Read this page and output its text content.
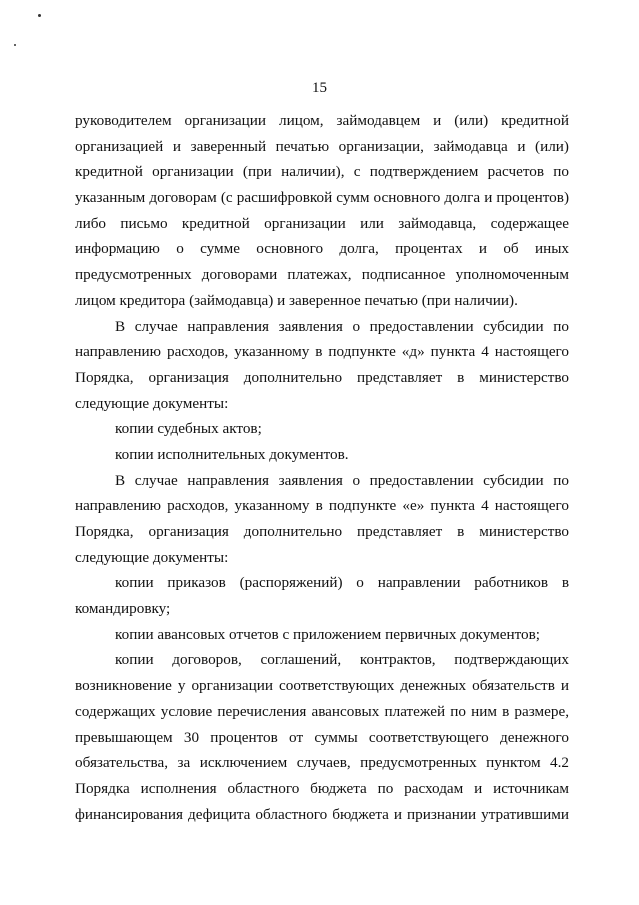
15
руководителем организации лицом, займодавцем и (или) кредитной
организацией и заверенный печатью организации, займодавца и (или)
кредитной организации (при наличии), с подтверждением расчетов по
указанным договорам (с расшифровкой сумм основного долга и процентов)
либо письмо кредитной организации или займодавца, содержащее
информацию о сумме основного долга, процентах и об иных
предусмотренных договорами платежах, подписанное уполномоченным
лицом кредитора (займодавца) и заверенное печатью (при наличии).
В случае направления заявления о предоставлении субсидии по
направлению расходов, указанному в подпункте «д» пункта 4 настоящего
Порядка, организация дополнительно представляет в министерство
следующие документы:
копии судебных актов;
копии исполнительных документов.
В случае направления заявления о предоставлении субсидии по
направлению расходов, указанному в подпункте «е» пункта 4 настоящего
Порядка, организация дополнительно представляет в министерство
следующие документы:
копии приказов (распоряжений) о направлении работников в
командировку;
копии авансовых отчетов с приложением первичных документов;
копии договоров, соглашений, контрактов, подтверждающих
возникновение у организации соответствующих денежных обязательств и
содержащих условие перечисления авансовых платежей по ним в размере,
превышающем 30 процентов от суммы соответствующего денежного
обязательства, за исключением случаев, предусмотренных пунктом 4.2
Порядка исполнения областного бюджета по расходам и источникам
финансирования дефицита областного бюджета и признании утратившими
